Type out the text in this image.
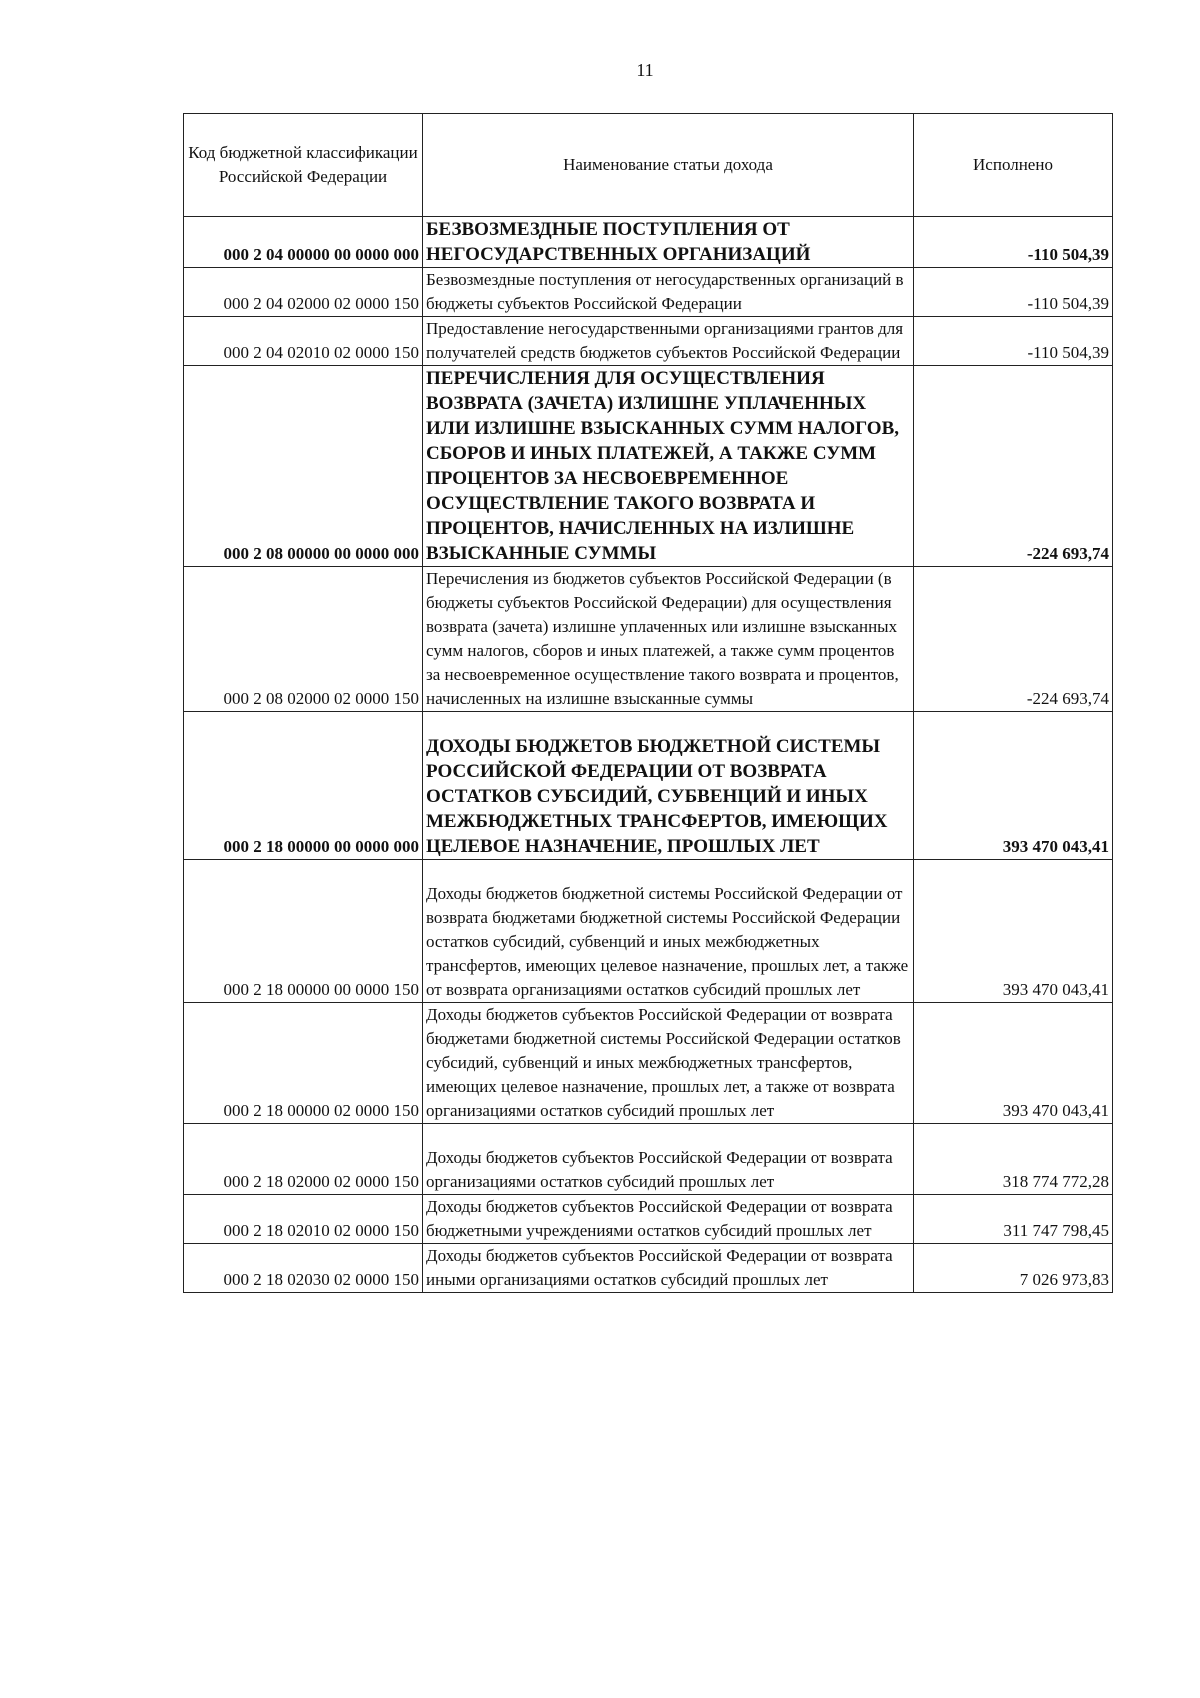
11
Код бюджетной классификации Российской Федерации	Наименование статьи дохода	Исполнено
000 2 04 00000 00 0000 000	БЕЗВОЗМЕЗДНЫЕ ПОСТУПЛЕНИЯ ОТ НЕГОСУДАРСТВЕННЫХ ОРГАНИЗАЦИЙ	-110 504,39
000 2 04 02000 02 0000 150	Безвозмездные поступления от негосударственных организаций в бюджеты субъектов Российской Федерации	-110 504,39
000 2 04 02010 02 0000 150	Предоставление негосударственными организациями грантов для получателей средств бюджетов субъектов Российской Федерации	-110 504,39
000 2 08 00000 00 0000 000	ПЕРЕЧИСЛЕНИЯ ДЛЯ ОСУЩЕСТВЛЕНИЯ ВОЗВРАТА (ЗАЧЕТА) ИЗЛИШНЕ УПЛАЧЕННЫХ ИЛИ ИЗЛИШНЕ ВЗЫСКАННЫХ СУММ НАЛОГОВ, СБОРОВ И ИНЫХ ПЛАТЕЖЕЙ, А ТАКЖЕ СУММ ПРОЦЕНТОВ ЗА НЕСВОЕВРЕМЕННОЕ ОСУЩЕСТВЛЕНИЕ ТАКОГО ВОЗВРАТА И ПРОЦЕНТОВ, НАЧИСЛЕННЫХ НА ИЗЛИШНЕ ВЗЫСКАННЫЕ СУММЫ	-224 693,74
000 2 08 02000 02 0000 150	Перечисления из бюджетов субъектов Российской Федерации (в бюджеты субъектов Российской Федерации) для осуществления возврата (зачета) излишне уплаченных или излишне взысканных сумм налогов, сборов и иных платежей, а также сумм процентов за несвоевременное осуществление такого возврата и процентов, начисленных на излишне взысканные суммы	-224 693,74
000 2 18 00000 00 0000 000	ДОХОДЫ БЮДЖЕТОВ БЮДЖЕТНОЙ СИСТЕМЫ РОССИЙСКОЙ ФЕДЕРАЦИИ ОТ ВОЗВРАТА ОСТАТКОВ СУБСИДИЙ, СУБВЕНЦИЙ И ИНЫХ МЕЖБЮДЖЕТНЫХ ТРАНСФЕРТОВ, ИМЕЮЩИХ ЦЕЛЕВОЕ НАЗНАЧЕНИЕ, ПРОШЛЫХ ЛЕТ	393 470 043,41
000 2 18 00000 00 0000 150	Доходы бюджетов бюджетной системы Российской Федерации от возврата бюджетами бюджетной системы Российской Федерации остатков субсидий, субвенций и иных межбюджетных трансфертов, имеющих целевое назначение, прошлых лет, а также от возврата организациями остатков субсидий прошлых лет	393 470 043,41
000 2 18 00000 02 0000 150	Доходы бюджетов субъектов Российской Федерации от возврата бюджетами бюджетной системы Российской Федерации остатков субсидий, субвенций и иных межбюджетных трансфертов, имеющих целевое назначение, прошлых лет, а также от возврата организациями остатков субсидий прошлых лет	393 470 043,41
000 2 18 02000 02 0000 150	Доходы бюджетов субъектов Российской Федерации от возврата организациями остатков субсидий прошлых лет	318 774 772,28
000 2 18 02010 02 0000 150	Доходы бюджетов субъектов Российской Федерации от возврата бюджетными учреждениями остатков субсидий прошлых лет	311 747 798,45
000 2 18 02030 02 0000 150	Доходы бюджетов субъектов Российской Федерации от возврата иными организациями остатков субсидий прошлых лет	7 026 973,83
